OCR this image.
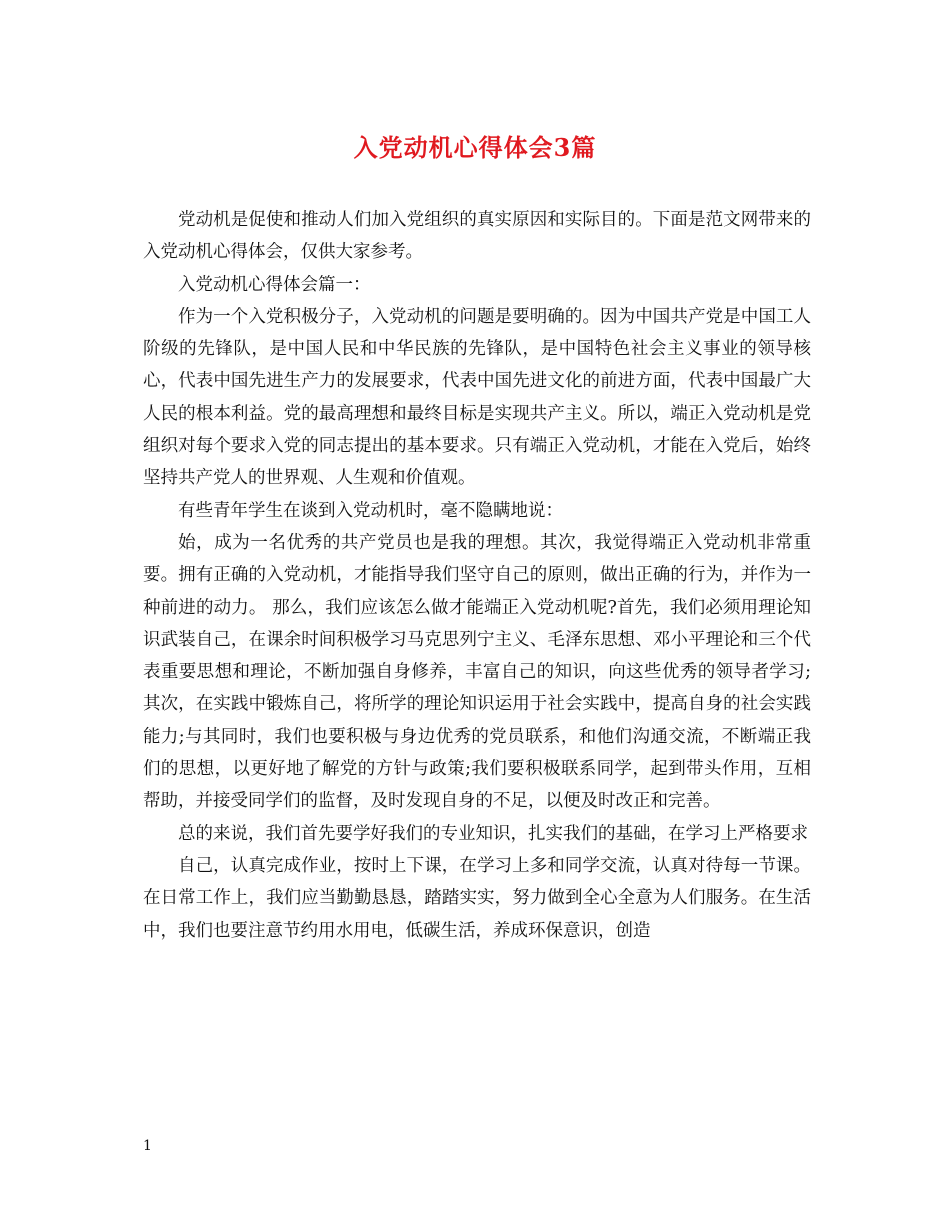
入党动机心得体会3篇

党动机是促使和推动人们加入党组织的真实原因和实际目的。下面是范文网带来的入党动机心得体会，仅供大家参考。

入党动机心得体会篇一：

作为一个入党积极分子，入党动机的问题是要明确的。因为中国共产党是中国工人阶级的先锋队，是中国人民和中华民族的先锋队，是中国特色社会主义事业的领导核心，代表中国先进生产力的发展要求，代表中国先进文化的前进方面，代表中国最广大人民的根本利益。党的最高理想和最终目标是实现共产主义。所以，端正入党动机是党组织对每个要求入党的同志提出的基本要求。只有端正入党动机，才能在入党后，始终坚持共产党人的世界观、人生观和价值观。

有些青年学生在谈到入党动机时，毫不隐瞒地说：

始，成为一名优秀的共产党员也是我的理想。其次，我觉得端正入党动机非常重要。拥有正确的入党动机，才能指导我们坚守自己的原则，做出正确的行为，并作为一种前进的动力。 那么，我们应该怎么做才能端正入党动机呢?首先，我们必须用理论知识武装自己，在课余时间积极学习马克思列宁主义、毛泽东思想、邓小平理论和三个代表重要思想和理论，不断加强自身修养，丰富自己的知识，向这些优秀的领导者学习;其次，在实践中锻炼自己，将所学的理论知识运用于社会实践中，提高自身的社会实践能力;与其同时，我们也要积极与身边优秀的党员联系，和他们沟通交流，不断端正我们的思想，以更好地了解党的方针与政策;我们要积极联系同学，起到带头作用，互相帮助，并接受同学们的监督，及时发现自身的不足，以便及时改正和完善。

总的来说，我们首先要学好我们的专业知识，扎实我们的基础，在学习上严格要求

自己，认真完成作业，按时上下课，在学习上多和同学交流，认真对待每一节课。在日常工作上，我们应当勤勤恳恳，踏踏实实，努力做到全心全意为人们服务。在生活中，我们也要注意节约用水用电，低碳生活，养成环保意识，创造

1
